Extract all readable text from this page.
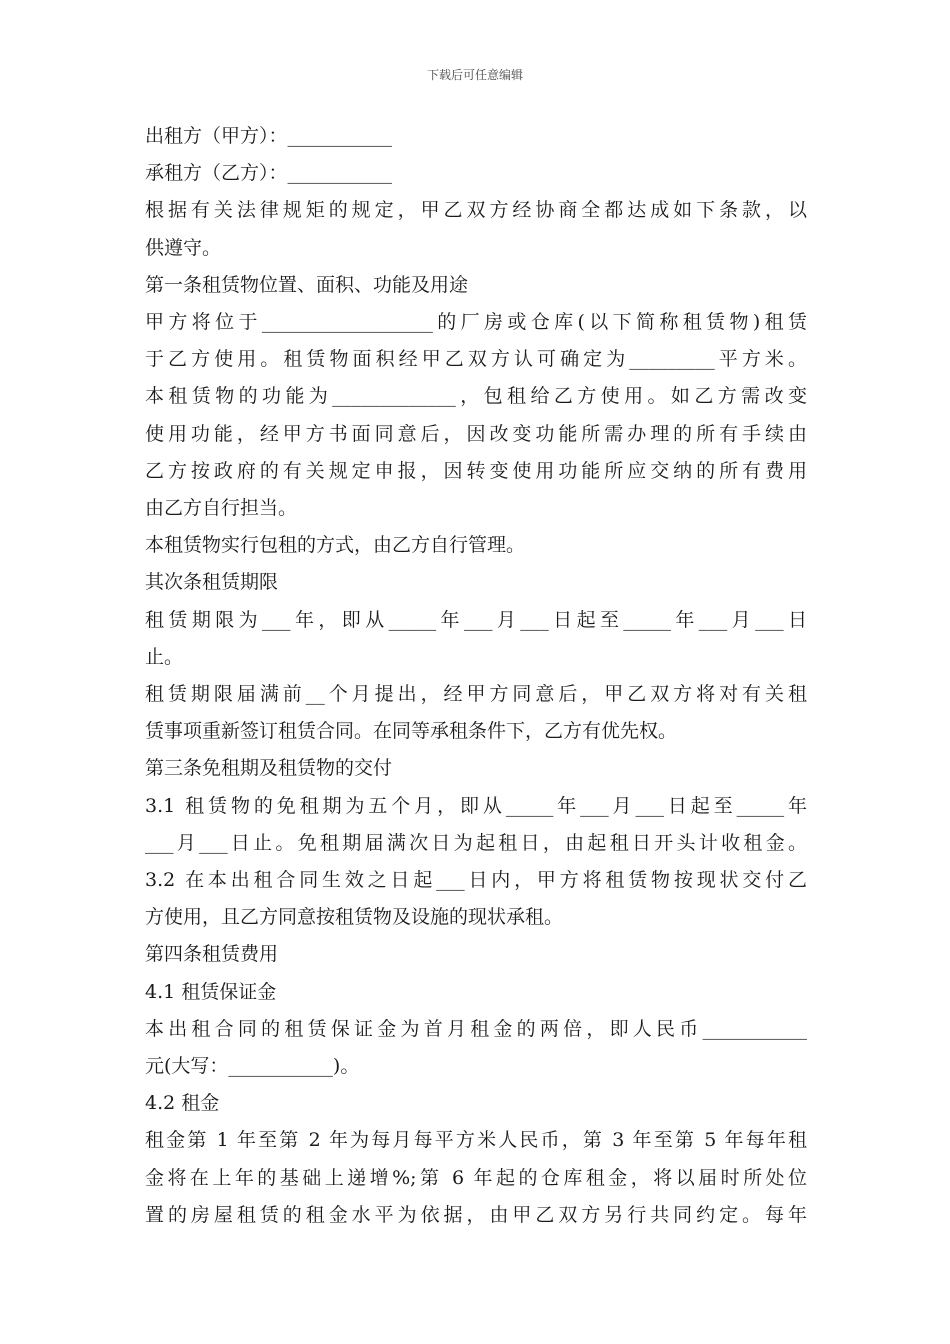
下载后可任意编辑

出租方（甲方）：___________

承租方（乙方）：___________

根据有关法律规矩的规定，甲乙双方经协商全都达成如下条款，以

供遵守。

第一条租赁物位置、面积、功能及用途

甲方将位于__________________的厂房或仓库(以下简称租赁物)租赁

于乙方使用。租赁物面积经甲乙双方认可确定为_________平方米。

本租赁物的功能为_____________，包租给乙方使用。如乙方需改变

使用功能，经甲方书面同意后，因改变功能所需办理的所有手续由

乙方按政府的有关规定申报，因转变使用功能所应交纳的所有费用

由乙方自行担当。

本租赁物实行包租的方式，由乙方自行管理。

其次条租赁期限

租赁期限为___年，即从_____年___月___日起至_____年___月___日

止。

租赁期限届满前__个月提出，经甲方同意后，甲乙双方将对有关租

赁事项重新签订租赁合同。在同等承租条件下，乙方有优先权。

第三条免租期及租赁物的交付

3.1 租赁物的免租期为五个月，即从_____年___月___日起至_____年

___月___日止。免租期届满次日为起租日，由起租日开头计收租金。

3.2 在本出租合同生效之日起___日内，甲方将租赁物按现状交付乙

方使用，且乙方同意按租赁物及设施的现状承租。

第四条租赁费用

4.1 租赁保证金

本出租合同的租赁保证金为首月租金的两倍，即人民币___________

元(大写：___________)。

4.2 租金

租金第 1 年至第 2 年为每月每平方米人民币，第 3 年至第 5 年每年租

金将在上年的基础上递增%;第 6 年起的仓库租金，将以届时所处位

置的房屋租赁的租金水平为依据，由甲乙双方另行共同约定。每年
